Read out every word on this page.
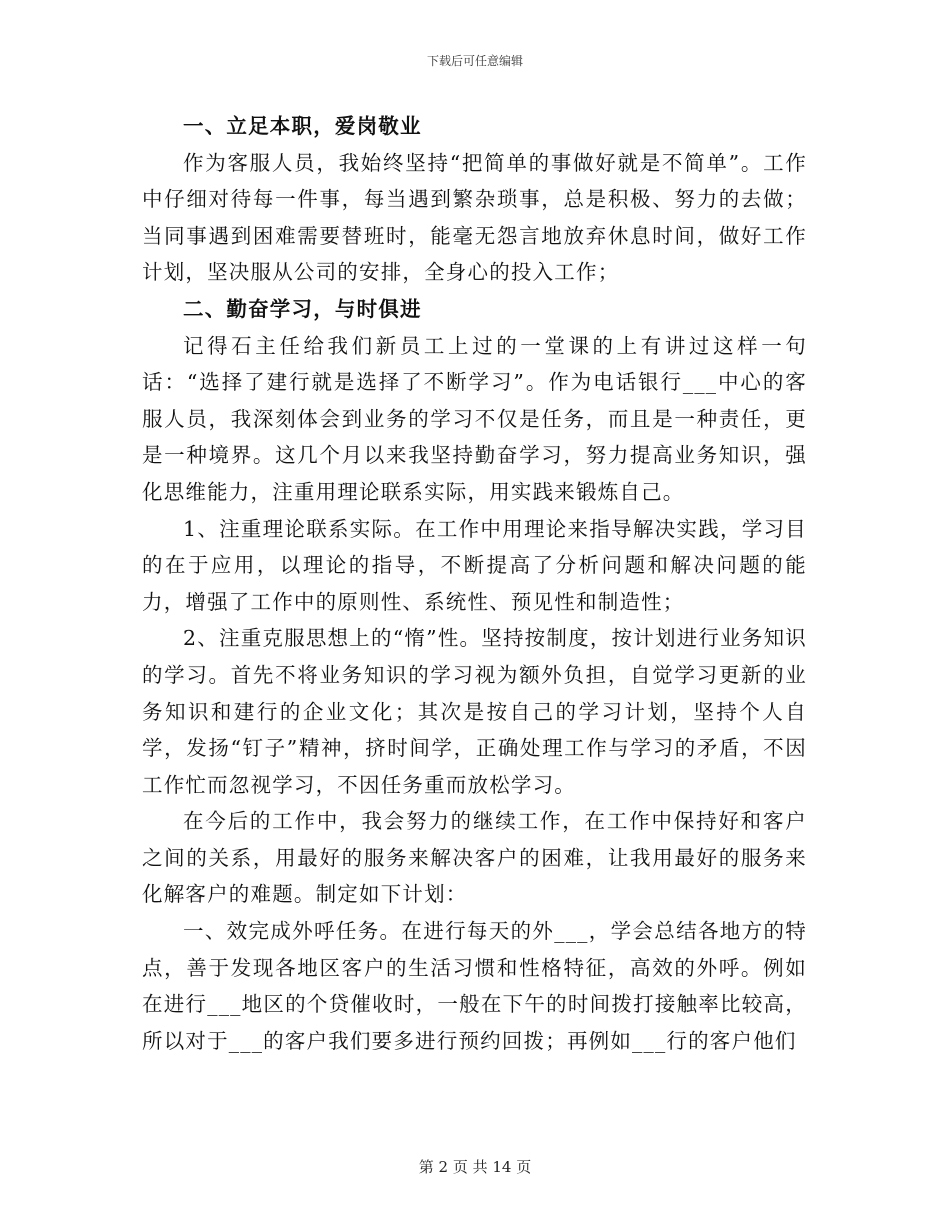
下载后可任意编辑

一、立足本职，爱岗敬业

作为客服人员，我始终坚持“把简单的事做好就是不简单”。工作中仔细对待每一件事，每当遇到繁杂琐事，总是积极、努力的去做；当同事遇到困难需要替班时，能毫无怨言地放弃休息时间，做好工作计划，坚决服从公司的安排，全身心的投入工作；

二、勤奋学习，与时俱进

记得石主任给我们新员工上过的一堂课的上有讲过这样一句话：“选择了建行就是选择了不断学习”。作为电话银行___中心的客服人员，我深刻体会到业务的学习不仅是任务，而且是一种责任，更是一种境界。这几个月以来我坚持勤奋学习，努力提高业务知识，强化思维能力，注重用理论联系实际，用实践来锻炼自己。

1、注重理论联系实际。在工作中用理论来指导解决实践，学习目的在于应用，以理论的指导，不断提高了分析问题和解决问题的能力，增强了工作中的原则性、系统性、预见性和制造性；

2、注重克服思想上的“惰”性。坚持按制度，按计划进行业务知识的学习。首先不将业务知识的学习视为额外负担，自觉学习更新的业务知识和建行的企业文化；其次是按自己的学习计划，坚持个人自学，发扬“钉子”精神，挤时间学，正确处理工作与学习的矛盾，不因工作忙而忽视学习，不因任务重而放松学习。

在今后的工作中，我会努力的继续工作，在工作中保持好和客户之间的关系，用最好的服务来解决客户的困难，让我用最好的服务来化解客户的难题。制定如下计划：

一、效完成外呼任务。在进行每天的外___，学会总结各地方的特点，善于发现各地区客户的生活习惯和性格特征，高效的外呼。例如在进行___地区的个贷催收时，一般在下午的时间拨打接触率比较高，所以对于___的客户我们要多进行预约回拨；再例如___行的客户他们

第 2 页 共 14 页
